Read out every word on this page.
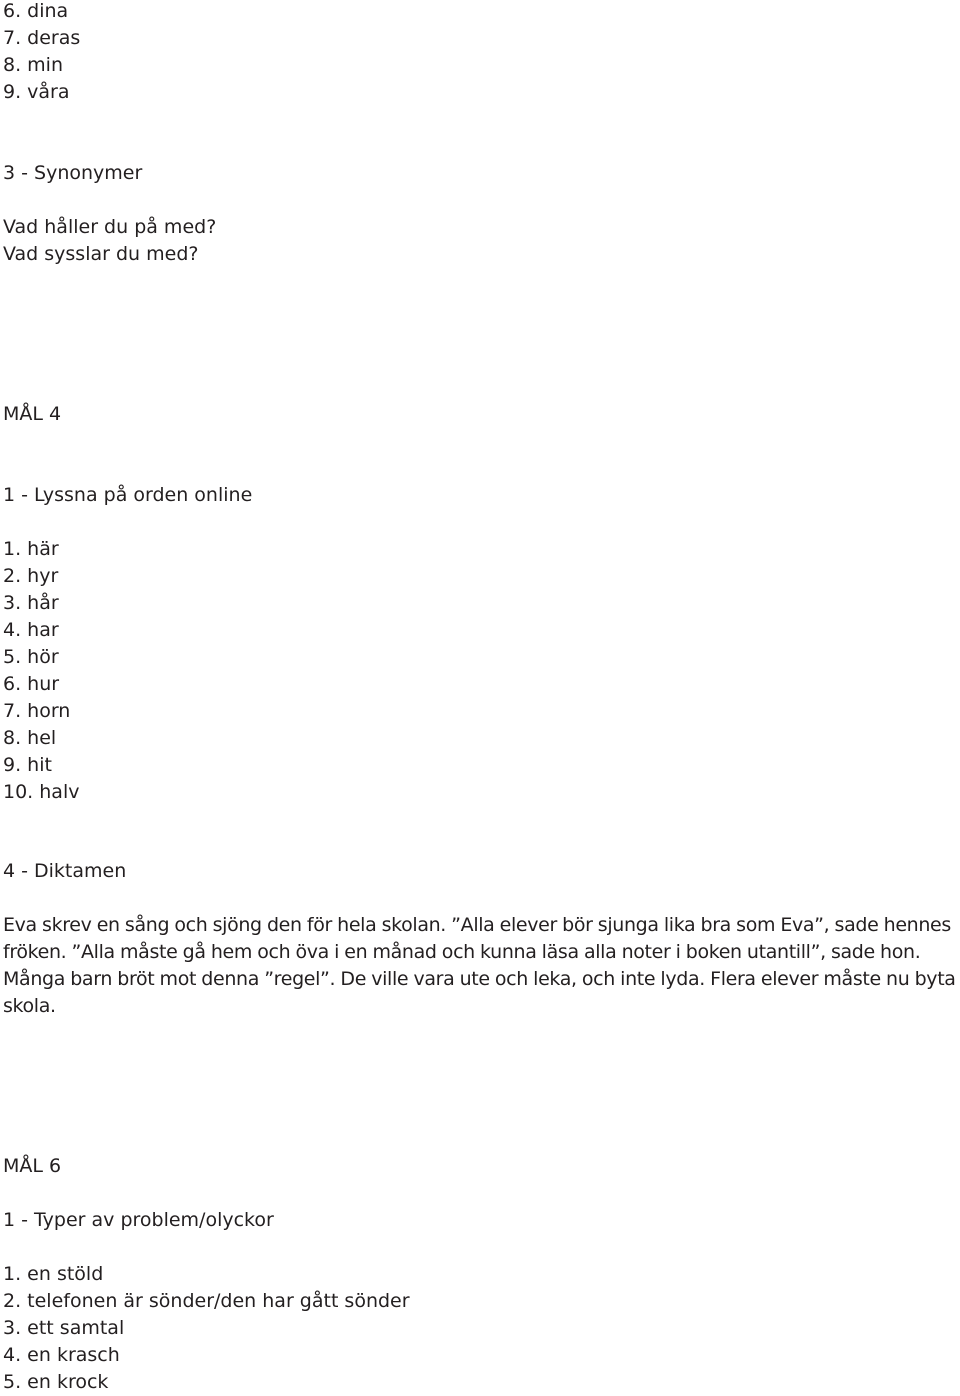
6. dina

7. deras

8. min

9. våra

3 - Synonymer

Vad håller du på med?

Vad sysslar du med?

MÅL 4

1 - Lyssna på orden online

1. här

2. hyr

3. hår

4. har

5. hör

6. hur

7. horn

8. hel

9. hit

10. halv

4 - Diktamen

Eva skrev en sång och sjöng den för hela skolan. ”Alla elever bör sjunga lika bra som Eva”, sade hennes fröken. ”Alla måste gå hem och öva i en månad och kunna läsa alla noter i boken utantill”, sade hon. Många barn bröt mot denna ”regel”. De ville vara ute och leka, och inte lyda. Flera elever måste nu byta skola.

MÅL 6

1 - Typer av problem/olyckor

1. en stöld

2. telefonen är sönder/den har gått sönder

3. ett samtal

4. en krasch

5. en krock
